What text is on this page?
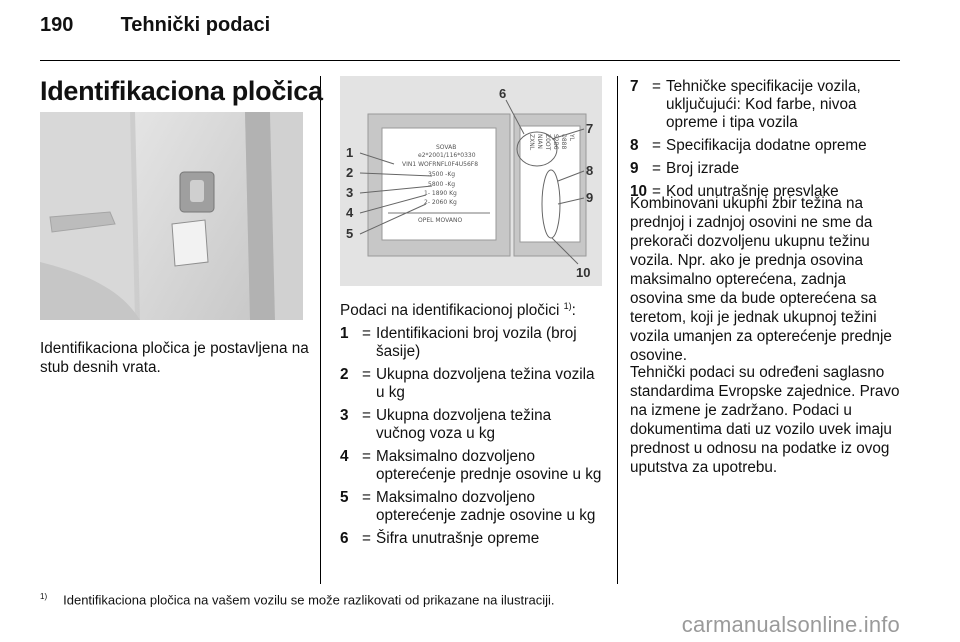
190 Tehnički podaci
Identifikaciona pločica
Identifikaciona pločica je postavljena na stub desnih vrata.
SOVAB
e2*2001/116*0330
VIN1 WOFRNFL0F4U56F8
3500 -Kg
5800 -Kg
1- 1890 Kg
2- 2060 Kg
OPEL MOVANO
ZXNL NIAN Z0OT S2B6 0888 YL
1
2
3
4
5
6
7
8
9
10
Podaci na identifikacionoj pločici $^{1)}$:
1 = Identifikacioni broj vozila (broj šasije)
2 = Ukupna dozvoljena težina vozila u kg
3 = Ukupna dozvoljena težina vučnog voza u kg
4 = Maksimalno dozvoljeno opterećenje prednje osovine u kg
5 = Maksimalno dozvoljeno opterećenje zadnje osovine u kg
6 = Šifra unutrašnje opreme
7 = Tehničke specifikacije vozila, uključujući: Kod farbe, nivoa opreme i tipa vozila
8 = Specifikacija dodatne opreme
9 = Broj izrade
10 = Kod unutrašnje presvlake
Kombinovani ukupni zbir težina na prednjoj i zadnjoj osovini ne sme da prekorači dozvoljenu ukupnu težinu vozila. Npr. ako je prednja osovina maksimalno opterećena, zadnja osovina sme da bude opterećena sa teretom, koji je jednak ukupnoj težini vozila umanjen za opterećenje prednje osovine.
Tehnički podaci su određeni saglasno standardima Evropske zajednice. Pravo na izmene je zadržano. Podaci u dokumentima dati uz vozilo uvek imaju prednost u odnosu na podatke iz ovog uputstva za upotrebu.
$^{1)}$ Identifikaciona pločica na vašem vozilu se može razlikovati od prikazane na ilustraciji.
carmanualsonline.info
